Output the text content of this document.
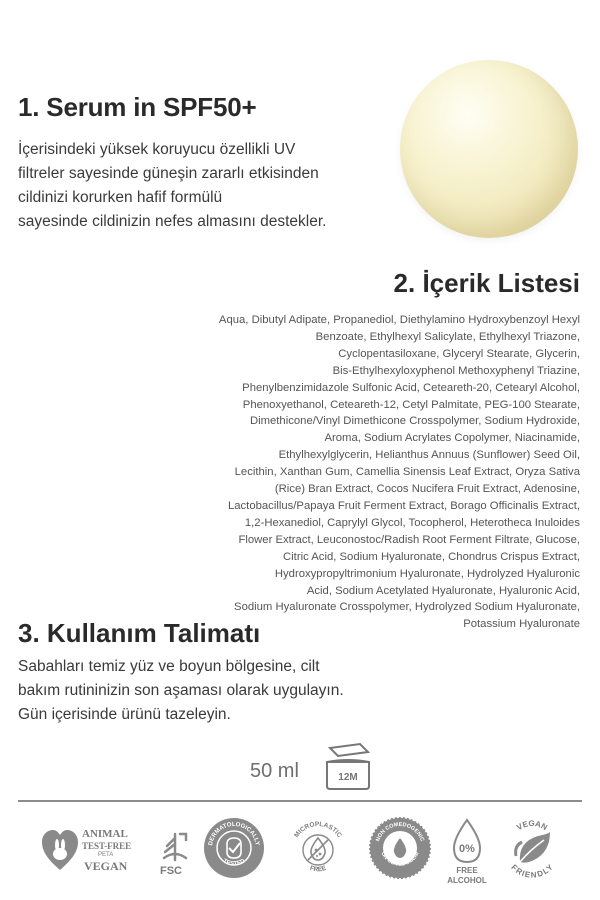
1. Serum in SPF50+
İçerisindeki yüksek koruyucu özellikli UV
filtreler sayesinde güneşin zararlı etkisinden
cildinizi korurken hafif formülü
sayesinde cildinizin nefes almasını destekler.
2. İçerik Listesi
Aqua, Dibutyl Adipate, Propanediol, Diethylamino Hydroxybenzoyl Hexyl
Benzoate, Ethylhexyl Salicylate, Ethylhexyl Triazone,
Cyclopentasiloxane, Glyceryl Stearate, Glycerin,
Bis-Ethylhexyloxyphenol Methoxyphenyl Triazine,
Phenylbenzimidazole Sulfonic Acid, Ceteareth-20, Cetearyl Alcohol,
Phenoxyethanol, Ceteareth-12, Cetyl Palmitate, PEG-100 Stearate,
Dimethicone/Vinyl Dimethicone Crosspolymer, Sodium Hydroxide,
Aroma, Sodium Acrylates Copolymer, Niacinamide,
Ethylhexylglycerin, Helianthus Annuus (Sunflower) Seed Oil,
Lecithin, Xanthan Gum, Camellia Sinensis Leaf Extract, Oryza Sativa
(Rice) Bran Extract, Cocos Nucifera Fruit Extract, Adenosine,
Lactobacillus/Papaya Fruit Ferment Extract, Borago Officinalis Extract,
1,2-Hexanediol, Caprylyl Glycol, Tocopherol, Heterotheca Inuloides
Flower Extract, Leuconostoc/Radish Root Ferment Filtrate, Glucose,
Citric Acid, Sodium Hyaluronate, Chondrus Crispus Extract,
Hydroxypropyltrimonium Hyaluronate, Hydrolyzed Hyaluronic
Acid, Sodium Acetylated Hyaluronate, Hyaluronic Acid,
Sodium Hyaluronate Crosspolymer, Hydrolyzed Sodium Hyaluronate,
Potassium Hyaluronate
3. Kullanım Talimatı
Sabahları temiz yüz ve boyun bölgesine, cilt
bakım rutininizin son aşaması olarak uygulayın.
Gün içerisinde ürünü tazeleyin.
50 ml	12M
ANIMAL
TEST-FREE
PETA
VEGAN	FSC
DERMATOLOGICALLY
TESTED
MICROPLASTIC
FREE
NON COMEDOGENIC
ON COMEDOGENI	0%
FREE
ALCOHOL
VEGAN
FRIENDLY
